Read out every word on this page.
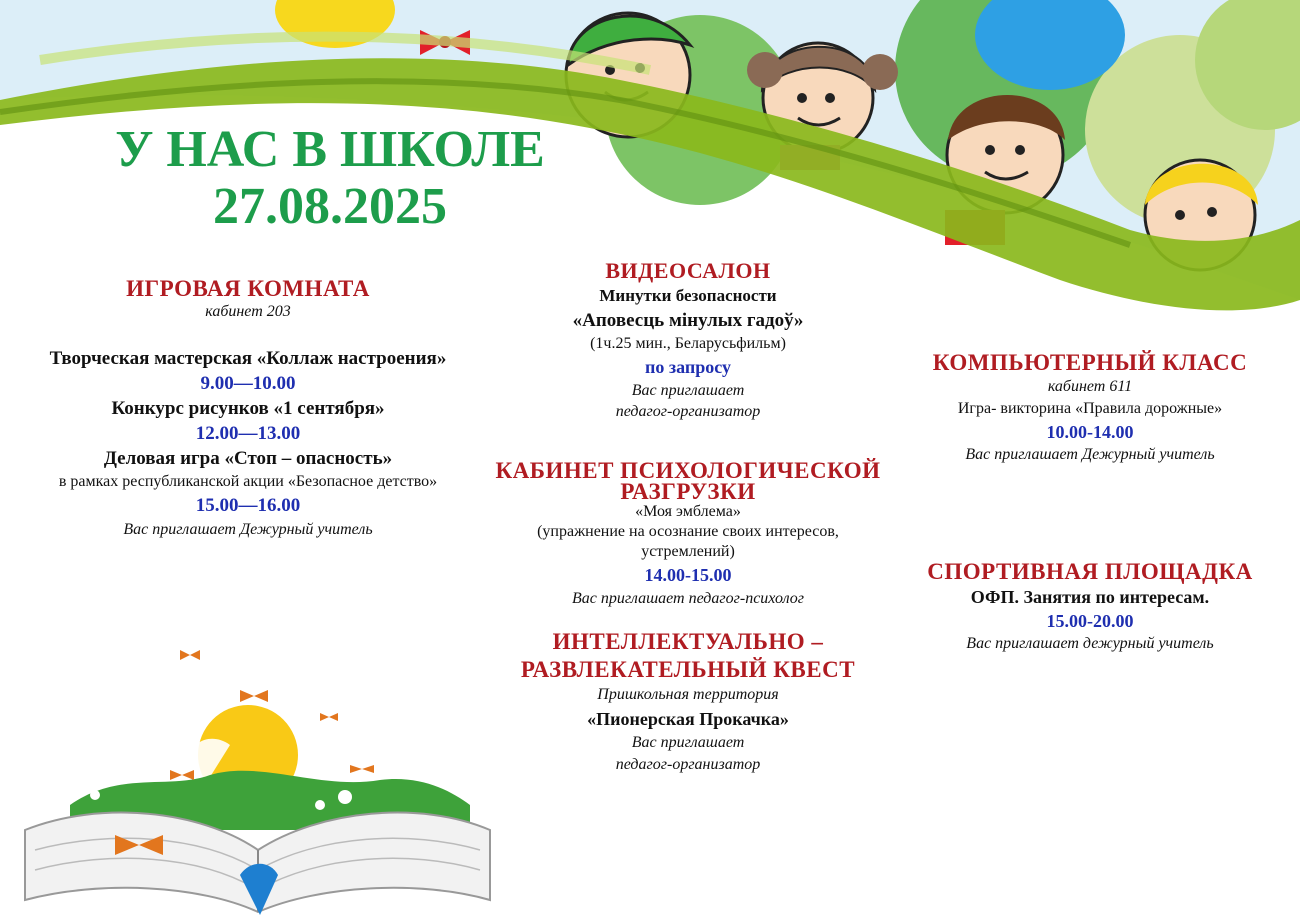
У НАС В ШКОЛЕ
27.08.2025
ИГРОВАЯ КОМНАТА
кабинет 203
Творческая мастерская «Коллаж настроения»
9.00—10.00
Конкурс рисунков «1 сентября»
12.00—13.00
Деловая игра «Стоп – опасность»
в рамках республиканской акции «Безопасное детство»
15.00—16.00
Вас приглашает Дежурный учитель
ВИДЕОСАЛОН
Минутки безопасности
«Аповесць мінулых гадоў»
(1ч.25 мин., Беларусьфильм)
по запросу
Вас приглашает
педагог-организатор
КАБИНЕТ ПСИХОЛОГИЧЕСКОЙ
РАЗГРУЗКИ
«Моя эмблема»
(упражнение на осознание своих интересов,
устремлений)
14.00-15.00
Вас приглашает педагог-психолог
ИНТЕЛЛЕКТУАЛЬНО –
РАЗВЛЕКАТЕЛЬНЫЙ КВЕСТ
Пришкольная территория
«Пионерская Прокачка»
Вас приглашает
педагог-организатор
КОМПЬЮТЕРНЫЙ КЛАСС
кабинет 611
Игра- викторина «Правила дорожные»
10.00-14.00
Вас приглашает Дежурный учитель
СПОРТИВНАЯ ПЛОЩАДКА
ОФП. Занятия по интересам.
15.00-20.00
Вас приглашает дежурный учитель
